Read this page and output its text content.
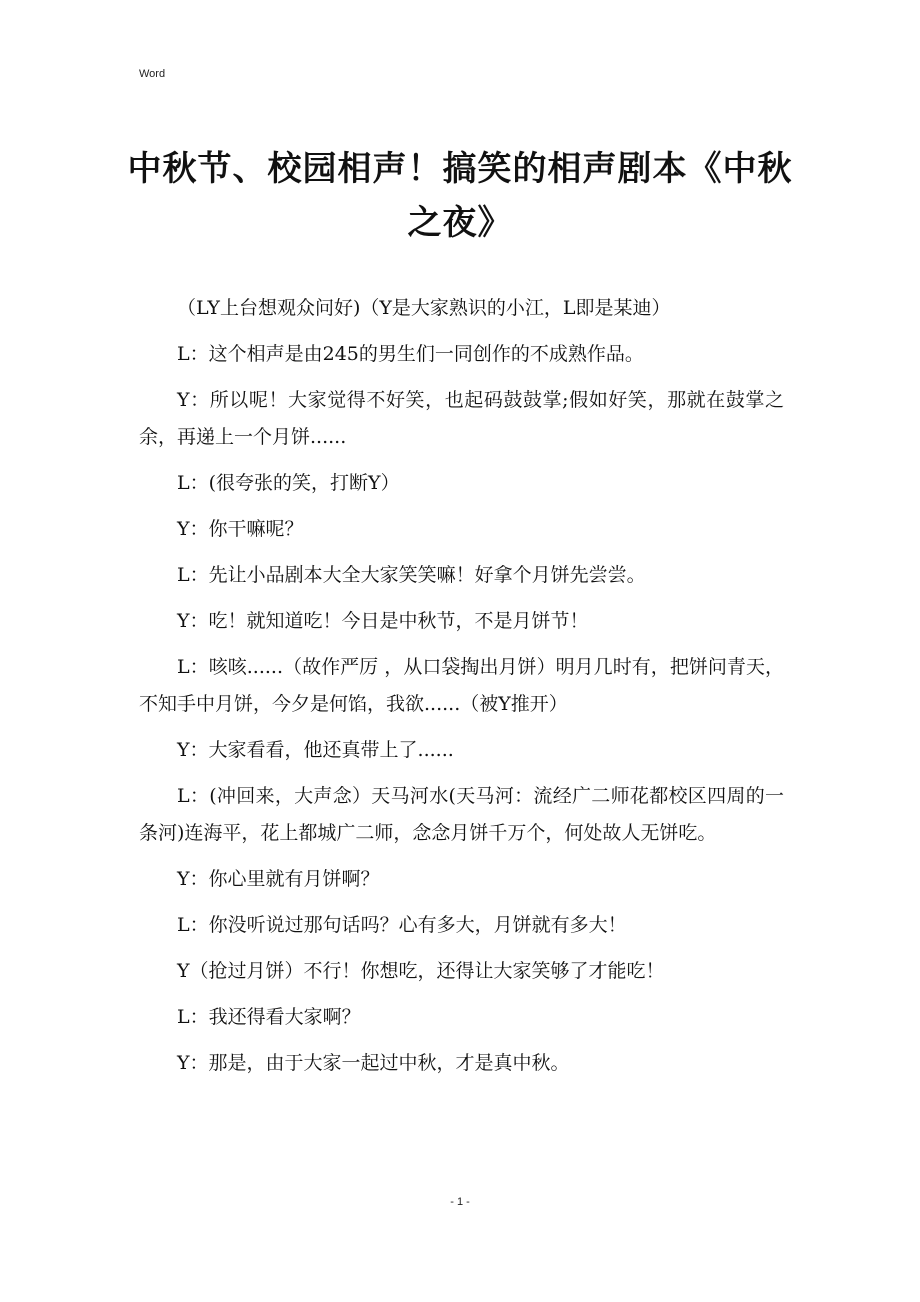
Word
中秋节、校园相声！搞笑的相声剧本《中秋之夜》

（LY上台想观众问好)（Y是大家熟识的小江，L即是某迪）

L：这个相声是由245的男生们一同创作的不成熟作品。

Y：所以呢！大家觉得不好笑，也起码鼓鼓掌;假如好笑，那就在鼓掌之余，再递上一个月饼......

L：(很夸张的笑，打断Y）

Y：你干嘛呢？

L：先让小品剧本大全大家笑笑嘛！好拿个月饼先尝尝。

Y：吃！就知道吃！今日是中秋节，不是月饼节！

L：咳咳......（故作严厉 ，从口袋掏出月饼）明月几时有，把饼问青天，不知手中月饼，今夕是何馅，我欲......（被Y推开）

Y：大家看看，他还真带上了......

L：(冲回来，大声念）天马河水(天马河：流经广二师花都校区四周的一条河)连海平，花上都城广二师，念念月饼千万个，何处故人无饼吃。

Y：你心里就有月饼啊？

L：你没听说过那句话吗？心有多大，月饼就有多大！

Y（抢过月饼）不行！你想吃，还得让大家笑够了才能吃！

L：我还得看大家啊？

Y：那是，由于大家一起过中秋，才是真中秋。

- 1 -
